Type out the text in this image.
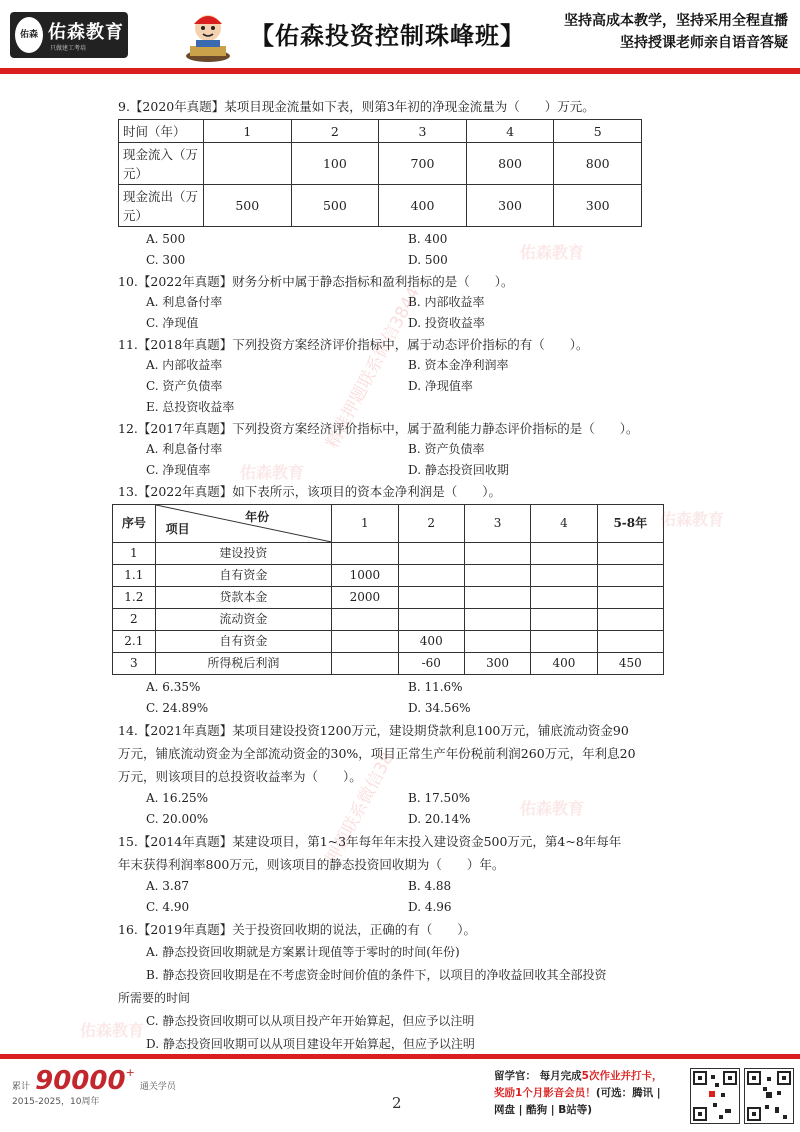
佑森 佑森教育
只做建工考培	【佑森投资控制珠峰班】
坚持高成本教学，坚持采用全程直播
坚持授课老师亲自语音答疑
佑森教育
佑森教育
佑森教育
佑森教育
佑森教育
精准押题联系微信3844
押题联系微信38

9.【2020年真题】某项目现金流量如下表，则第3年初的净现金流量为（　　）万元。

时间（年）	1	2	3	4	5
现金流入（万元）		100	700	800	800
现金流出（万元）	500	500	400	300	300
A. 500	B. 400
C. 300	D. 500

10.【2022年真题】财务分析中属于静态指标和盈利指标的是（　　）。

A. 利息备付率	B. 内部收益率
C. 净现值	D. 投资收益率

11.【2018年真题】下列投资方案经济评价指标中，属于动态评价指标的有（　　）。

A. 内部收益率	B. 资本金净利润率
C. 资产负债率	D. 净现值率
E. 总投资收益率

12.【2017年真题】下列投资方案经济评价指标中，属于盈利能力静态评价指标的是（　　）。

A. 利息备付率	B. 资产负债率
C. 净现值率	D. 静态投资回收期

13.【2022年真题】如下表所示，该项目的资本金净利润是（　　）。

序号	年份
项目	1	2	3	4	5-8年
1	建设投资					
1.1	自有资金	1000				
1.2	贷款本金	2000				
2	流动资金					
2.1	自有资金		400			
3	所得税后利润		-60	300	400	450
A. 6.35%	B. 11.6%
C. 24.89%	D. 34.56%

14.【2021年真题】某项目建设投资1200万元，建设期贷款利息100万元，铺底流动资金90
万元，铺底流动资金为全部流动资金的30%，项目正常生产年份税前利润260万元，年利息20
万元，则该项目的总投资收益率为（　　）。

A. 16.25%	B. 17.50%
C. 20.00%	D. 20.14%

15.【2014年真题】某建设项目，第1~3年每年年末投入建设资金500万元，第4~8年每年
年末获得利润率800万元，则该项目的静态投资回收期为（　　）年。

A. 3.87	B. 4.88
C. 4.90	D. 4.96

16.【2019年真题】关于投资回收期的说法，正确的有（　　）。

A. 静态投资回收期就是方案累计现值等于零时的时间(年份)
B. 静态投资回收期是在不考虑资金时间价值的条件下，以项目的净收益回收其全部投资
所需要的时间
C. 静态投资回收期可以从项目投产年开始算起，但应予以注明
D. 静态投资回收期可以从项目建设年开始算起，但应予以注明
累计 90000+ 通关学员
2015-2025，10周年	2
留学官： 每月完成5次作业并打卡，
奖励1个月影音会员！(可选：腾讯 |
网盘 | 酷狗 | B站等)
